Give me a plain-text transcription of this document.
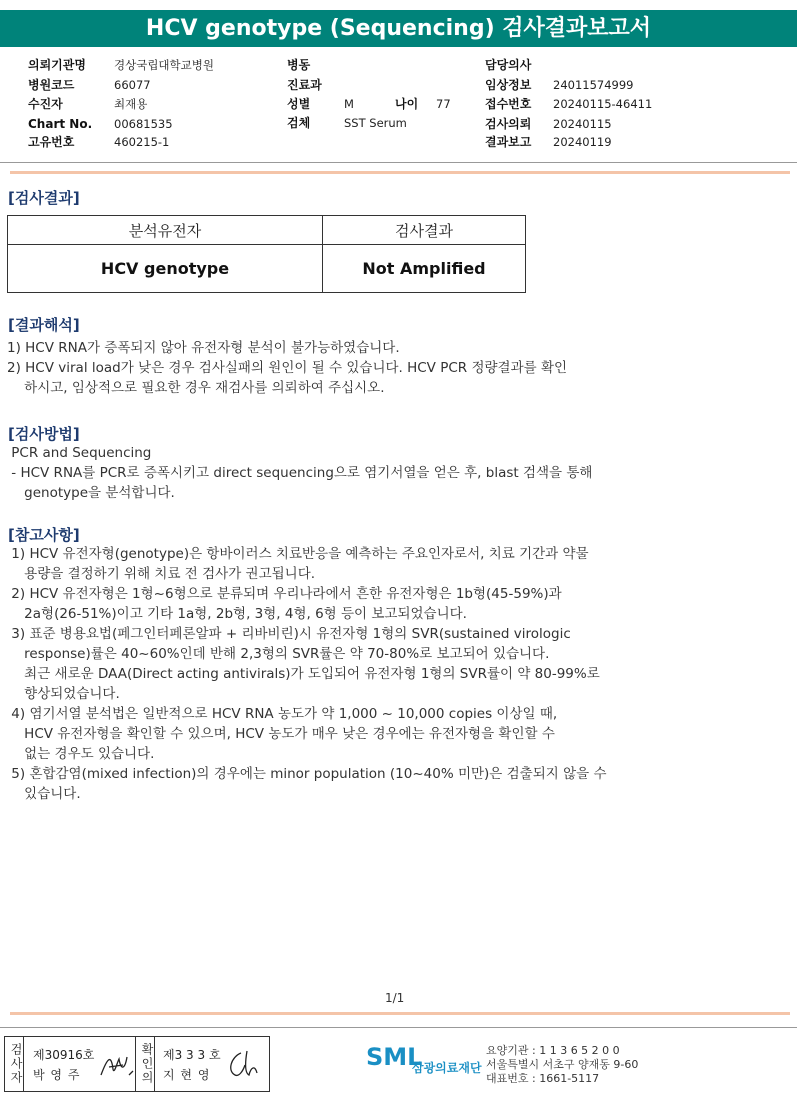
HCV genotype (Sequencing) 검사결과보고서
의뢰기관명 경상국립대학교병원
병원코드	66077
수진자	최재용
Chart No. 00681535
고유번호	460215-1
병동
진료과
성별	M	나이 77
검체	SST Serum
담당의사
임상정보 24011574999
접수번호 20240115-46411
검사의뢰 20240115
결과보고 20240119
[검사결과]
분석유전자	검사결과
HCV genotype	Not Amplified
[결과해석]
1) HCV RNA가 증폭되지 않아 유전자형 분석이 불가능하였습니다.
2) HCV viral load가 낮은 경우 검사실패의 원인이 될 수 있습니다. HCV PCR 정량결과를 확인
하시고, 임상적으로 필요한 경우 재검사를 의뢰하여 주십시오.
[검사방법]
PCR and Sequencing
- HCV RNA를 PCR로 증폭시키고 direct sequencing으로 염기서열을 얻은 후, blast 검색을 통해
genotype을 분석합니다.
[참고사항]
1) HCV 유전자형(genotype)은 항바이러스 치료반응을 예측하는 주요인자로서, 치료 기간과 약물
용량을 결정하기 위해 치료 전 검사가 권고됩니다.
2) HCV 유전자형은 1형~6형으로 분류되며 우리나라에서 흔한 유전자형은 1b형(45-59%)과
2a형(26-51%)이고 기타 1a형, 2b형, 3형, 4형, 6형 등이 보고되었습니다.
3) 표준 병용요법(페그인터페론알파 + 리바비린)시 유전자형 1형의 SVR(sustained virologic
response)률은 40~60%인데 반해 2,3형의 SVR률은 약 70-80%로 보고되어 있습니다.
최근 새로운 DAA(Direct acting antivirals)가 도입되어 유전자형 1형의 SVR률이 약 80-99%로
향상되었습니다.
4) 염기서열 분석법은 일반적으로 HCV RNA 농도가 약 1,000 ~ 10,000 copies 이상일 때,
HCV 유전자형을 확인할 수 있으며, HCV 농도가 매우 낮은 경우에는 유전자형을 확인할 수
없는 경우도 있습니다.
5) 혼합감염(mixed infection)의 경우에는 minor population (10~40% 미만)은 검출되지 않을 수
있습니다.
1/1
검사자 제30916호
박 영 주	확인의 제3 3 3 호
지 현 영
SML
삼광의료재단
요양기관 : 1 1 3 6 5 2 0 0
서울특별시 서초구 양재동 9-60
대표번호 : 1661-5117
